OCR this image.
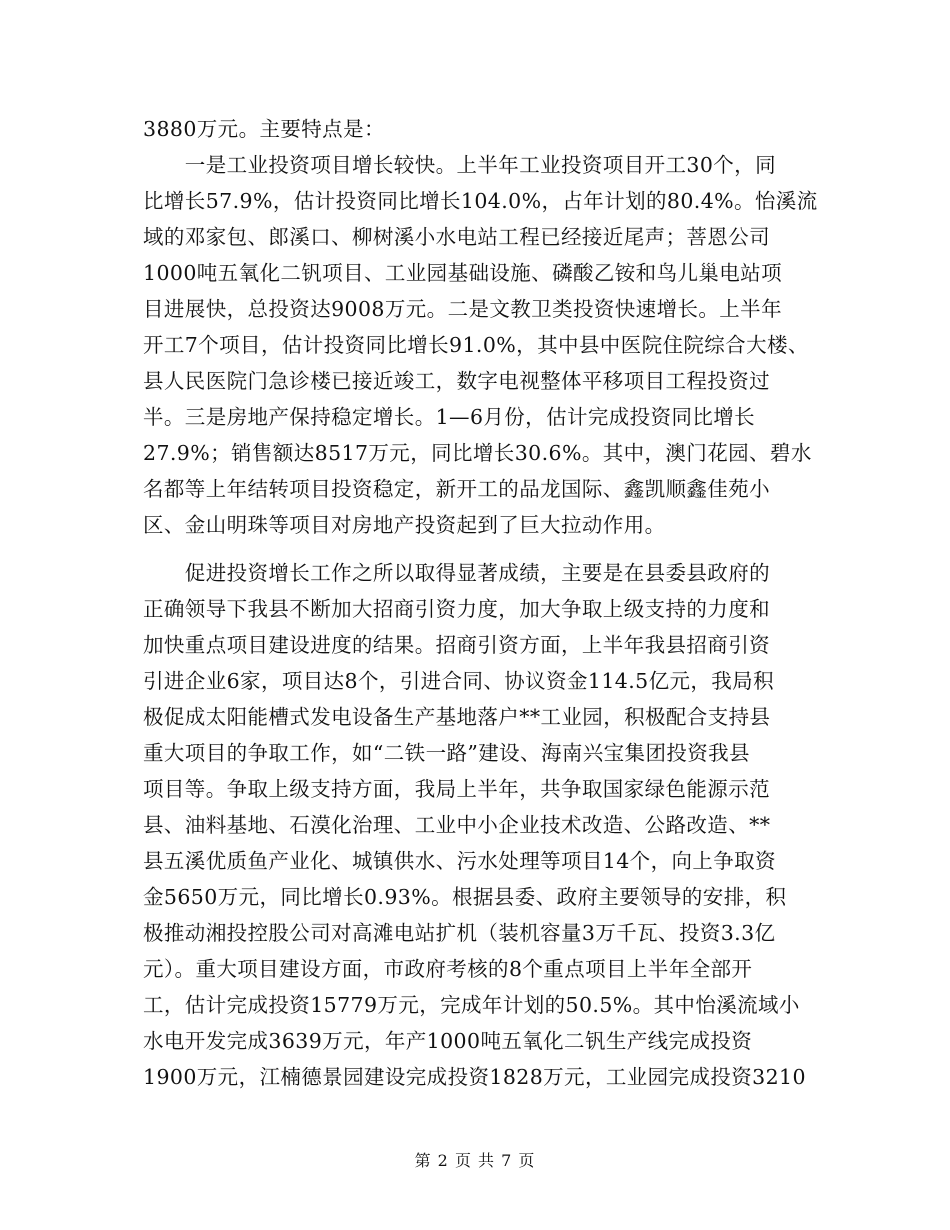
3880万元。主要特点是：
　　一是工业投资项目增长较快。上半年工业投资项目开工30个，同
比增长57.9%，估计投资同比增长104.0%，占年计划的80.4%。怡溪流
域的邓家包、郎溪口、柳树溪小水电站工程已经接近尾声；菩恩公司
1000吨五氧化二钒项目、工业园基础设施、磷酸乙铵和鸟儿巢电站项
目进展快，总投资达9008万元。二是文教卫类投资快速增长。上半年
开工7个项目，估计投资同比增长91.0%，其中县中医院住院综合大楼、
县人民医院门急诊楼已接近竣工，数字电视整体平移项目工程投资过
半。三是房地产保持稳定增长。1—6月份，估计完成投资同比增长
27.9%；销售额达8517万元，同比增长30.6%。其中，澳门花园、碧水
名都等上年结转项目投资稳定，新开工的品龙国际、鑫凯顺鑫佳苑小
区、金山明珠等项目对房地产投资起到了巨大拉动作用。
　　促进投资增长工作之所以取得显著成绩，主要是在县委县政府的
正确领导下我县不断加大招商引资力度，加大争取上级支持的力度和
加快重点项目建设进度的结果。招商引资方面，上半年我县招商引资
引进企业6家，项目达8个，引进合同、协议资金114.5亿元，我局积
极促成太阳能槽式发电设备生产基地落户**工业园，积极配合支持县
重大项目的争取工作，如“二铁一路”建设、海南兴宝集团投资我县
项目等。争取上级支持方面，我局上半年，共争取国家绿色能源示范
县、油料基地、石漠化治理、工业中小企业技术改造、公路改造、**
县五溪优质鱼产业化、城镇供水、污水处理等项目14个，向上争取资
金5650万元，同比增长0.93%。根据县委、政府主要领导的安排，积
极推动湘投控股公司对高滩电站扩机（装机容量3万千瓦、投资3.3亿
元）。重大项目建设方面，市政府考核的8个重点项目上半年全部开
工，估计完成投资15779万元，完成年计划的50.5%。其中怡溪流域小
水电开发完成3639万元，年产1000吨五氧化二钒生产线完成投资
1900万元，江楠德景园建设完成投资1828万元，工业园完成投资3210
第 2 页 共 7 页
